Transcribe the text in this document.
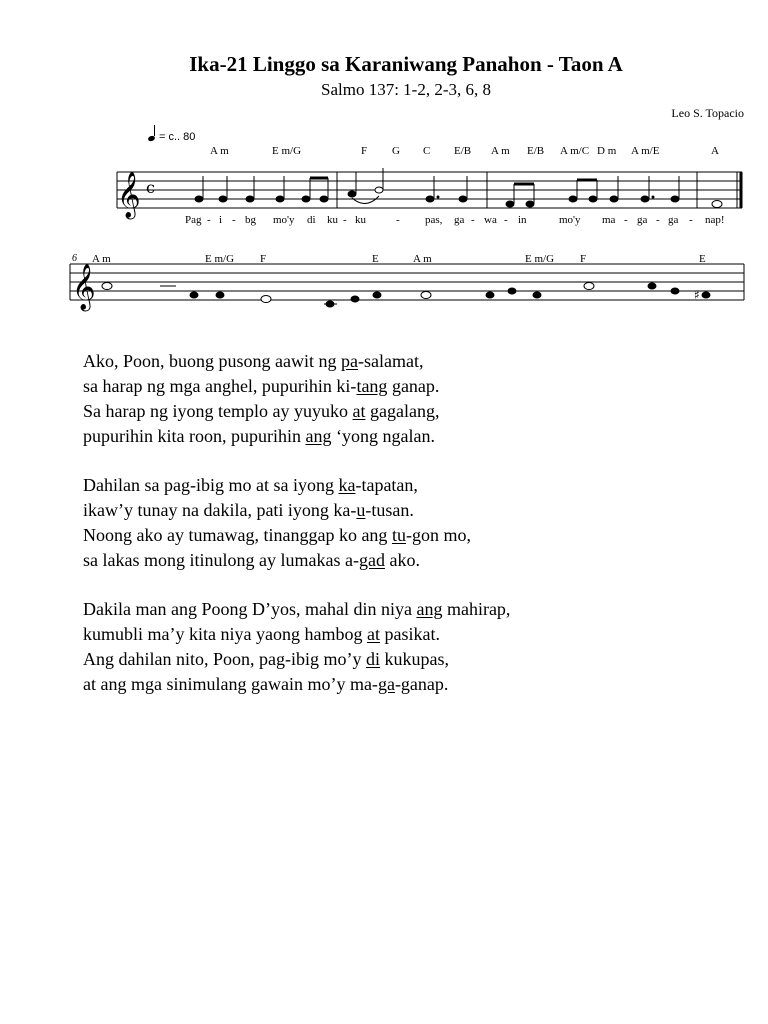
Ika-21 Linggo sa Karaniwang Panahon - Taon A
Salmo 137: 1-2, 2-3, 6, 8
Leo S. Topacio
= c.. 80
A m	E m/G	F G C E/B A m E/B A m/C D m A m/E	A
Pag - i - bg mo'y di ku - ku	- pas, ga - wa - in	mo'y ma - ga - ga - nap!
6 A m	E m/G F	E	A m	E m/G F	E
𝄞 c
𝄞	♯
Ako, Poon, buong pusong aawit ng pa-salamat,
sa harap ng mga anghel, pupurihin ki-tang ganap.
Sa harap ng iyong templo ay yuyuko at gagalang,
pupurihin kita roon, pupurihin ang ‘yong ngalan.
Dahilan sa pag-ibig mo at sa iyong ka-tapatan,
ikaw’y tunay na dakila, pati iyong ka-u-tusan.
Noong ako ay tumawag, tinanggap ko ang tu-gon mo,
sa lakas mong itinulong ay lumakas a-gad ako.
Dakila man ang Poong D’yos, mahal din niya ang mahirap,
kumubli ma’y kita niya yaong hambog at pasikat.
Ang dahilan nito, Poon, pag-ibig mo’y di kukupas,
at ang mga sinimulang gawain mo’y ma-ga-ganap.
